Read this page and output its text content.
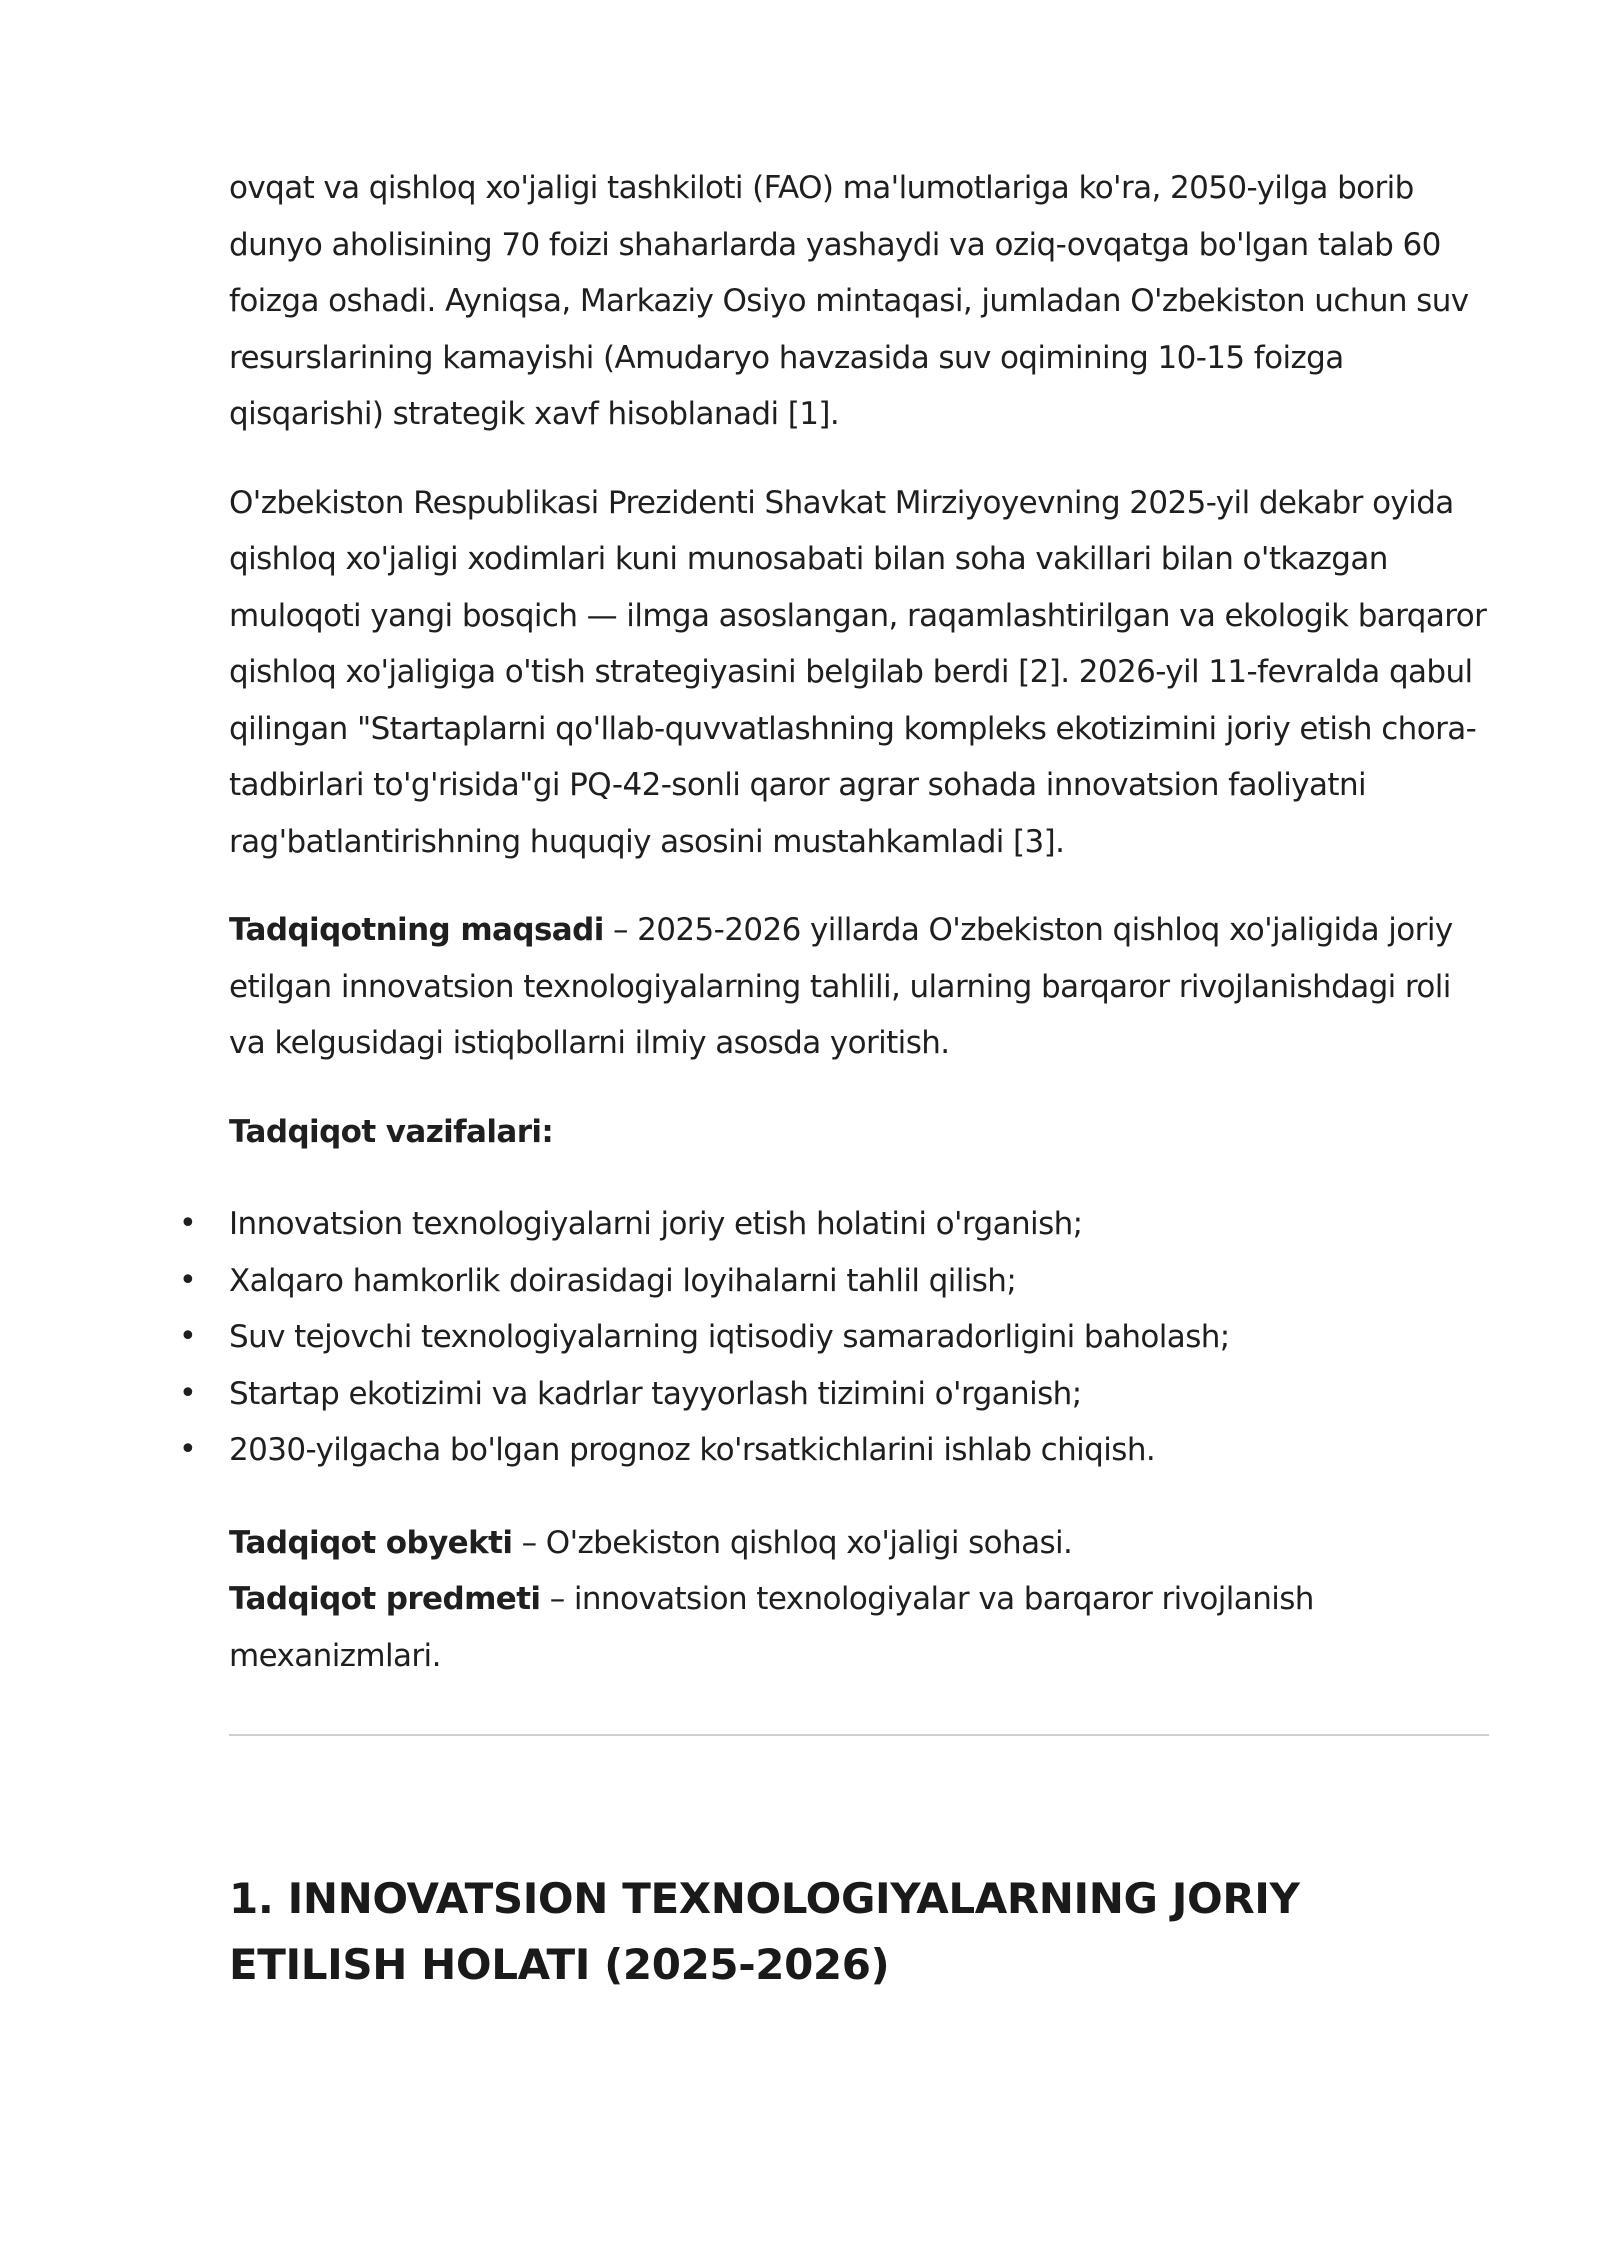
ovqat va qishloq xo'jaligi tashkiloti (FAO) ma'lumotlariga ko'ra, 2050-yilga borib dunyo aholisining 70 foizi shaharlarda yashaydi va oziq-ovqatga bo'lgan talab 60 foizga oshadi. Ayniqsa, Markaziy Osiyo mintaqasi, jumladan O'zbekiston uchun suv resurslarining kamayishi (Amudaryo havzasida suv oqimining 10-15 foizga qisqarishi) strategik xavf hisoblanadi [1].

O'zbekiston Respublikasi Prezidenti Shavkat Mirziyoyevning 2025-yil dekabr oyida qishloq xo'jaligi xodimlari kuni munosabati bilan soha vakillari bilan o'tkazgan muloqoti yangi bosqich — ilmga asoslangan, raqamlashtirilgan va ekologik barqaror qishloq xo'jaligiga o'tish strategiyasini belgilab berdi [2]. 2026-yil 11-fevralda qabul qilingan "Startaplarni qo'llab-quvvatlashning kompleks ekotizimini joriy etish chora-tadbirlari to'g'risida"gi PQ-42-sonli qaror agrar sohada innovatsion faoliyatni rag'batlantirishning huquqiy asosini mustahkamladi [3].

Tadqiqotning maqsadi – 2025-2026 yillarda O'zbekiston qishloq xo'jaligida joriy etilgan innovatsion texnologiyalarning tahlili, ularning barqaror rivojlanishdagi roli va kelgusidagi istiqbollarni ilmiy asosda yoritish.

Tadqiqot vazifalari:

• Innovatsion texnologiyalarni joriy etish holatini o'rganish;
• Xalqaro hamkorlik doirasidagi loyihalarni tahlil qilish;
• Suv tejovchi texnologiyalarning iqtisodiy samaradorligini baholash;
• Startap ekotizimi va kadrlar tayyorlash tizimini o'rganish;
• 2030-yilgacha bo'lgan prognoz ko'rsatkichlarini ishlab chiqish.

Tadqiqot obyekti – O'zbekiston qishloq xo'jaligi sohasi.

Tadqiqot predmeti – innovatsion texnologiyalar va barqaror rivojlanish mexanizmlari.

1. INNOVATSION TEXNOLOGIYALARNING JORIY ETILISH HOLATI (2025-2026)
